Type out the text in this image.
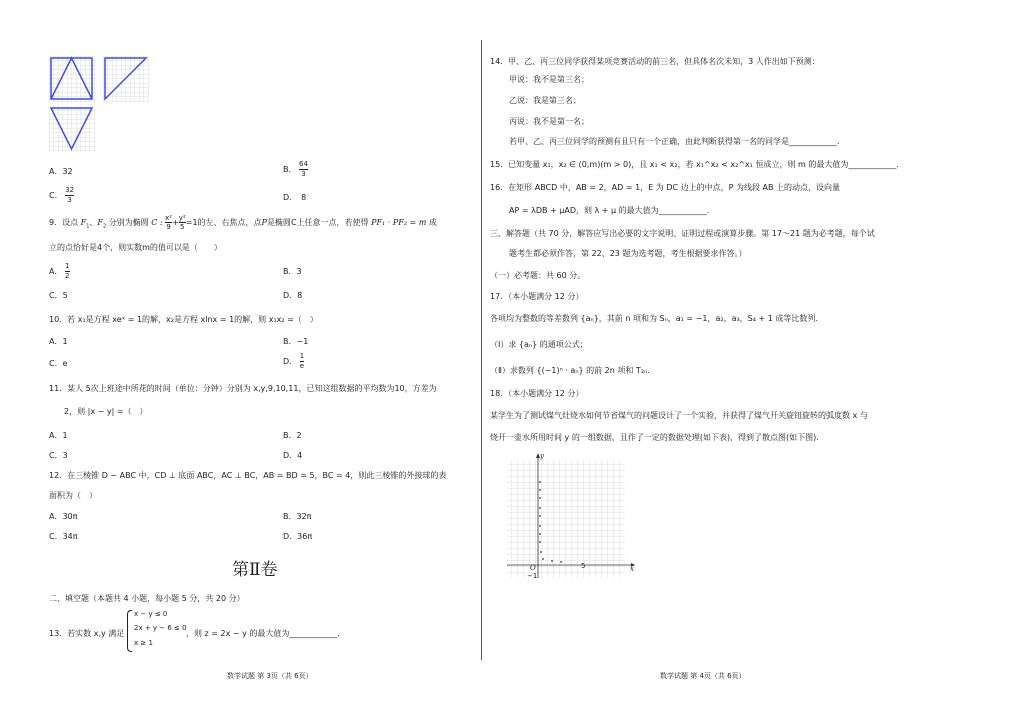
A．32	B． $\frac{64}{3}$
C． $\frac{32}{3}$	D．　8
9．设点 $F_1$、$F_2$ 分别为椭圆 C : $\frac{\text{x²}}{9} + \frac{\text{y²}}{5} =1$的左、右焦点，点P是椭圆C上任意一点，若使得 PF₁ · PF₂ = m 成
立的点恰好是4个，则实数m的值可以是（　　）
A． $\frac{1}{2}$	B．3
C．5	D．8
10．若 x₁是方程 xeˣ = 1的解，x₂是方程 xlnx = 1的解，则 x₁x₂ =（　）
A．1	B．−1
C．e	D． $\frac{1}{e}$
11．某人 5次上班途中所花的时间（单位：分钟）分别为 x,y,9,10,11，已知这组数据的平均数为10，方差为
2，则 |x − y| =（　）
A．1	B．2
C．3	D．4
12．在三棱锥 D − ABC 中，CD ⊥ 底面 ABC，AC ⊥ BC，AB = BD = 5，BC = 4，则此三棱锥的外接球的表
面积为（　）
A．30π	B．32π
C．34π	D．36π
第Ⅱ卷
二、填空题（本题共 4 小题，每小题 5 分，共 20 分）
13．若实数 x,y 满足
x − y ≤ 0
2x + y − 6 ≤ 0
x ≥ 1
，则 z = 2x − y 的最大值为____________.
数学试题 第 3页（共 6页）
14．甲、乙、丙三位同学获得某项竞赛活动的前三名，但具体名次未知，3 人作出如下预测：
甲说：我不是第三名；
乙说：我是第三名；
丙说：我不是第一名；
若甲、乙、丙三位同学的预测有且只有一个正确，由此判断获得第一名的同学是____________.
15．已知变量 x₁，x₂ ∈ (0,m)(m > 0)，且 x₁ < x₂，若 x₁^x₂ < x₂^x₁ 恒成立，则 m 的最大值为____________.
16．在矩形 ABCD 中，AB = 2，AD = 1，E 为 DC 边上的中点，P 为线段 AB 上的动点，设向量
AP = λDB + μAD，则 λ + μ 的最大值为____________.
三、解答题（共 70 分，解答应写出必要的文字说明、证明过程或演算步骤。第 17～21 题为必考题，每个试
题考生都必须作答，第 22、23 题为选考题，考生根据要求作答。）
（一）必考题：共 60 分。
17．（本小题满分 12 分）
各项均为整数的等差数列 {aₙ}，其前 n 项和为 Sₙ，a₁ = −1，a₂，a₃，S₄ + 1 成等比数列.
（Ⅰ）求 {aₙ} 的通项公式；
（Ⅱ）求数列 {(−1)ⁿ · aₙ} 的前 2n 项和 T₂ₙ.
18．（本小题满分 12 分）
某学生为了测试煤气灶烧水如何节省煤气的问题设计了一个实验，并获得了煤气开关旋钮旋转的弧度数 x 与
烧开一壶水所用时间 y 的一组数据，且作了一定的数据处理(如下表)，得到了散点图(如下图).
y
x
O	5
−1
数学试题 第 4页（共 6页）
